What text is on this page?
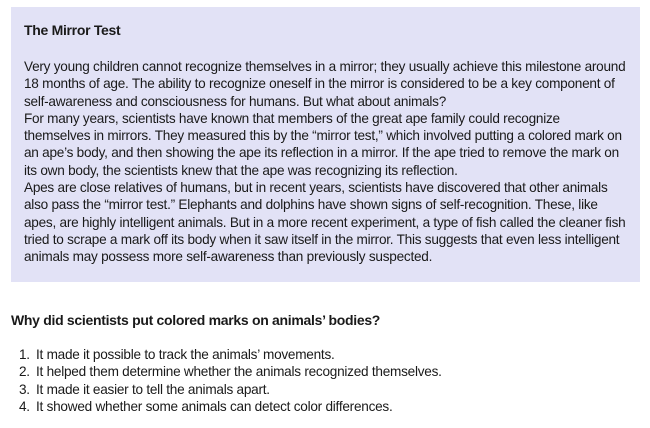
The Mirror Test

Very young children cannot recognize themselves in a mirror; they usually achieve this milestone around 18 months of age. The ability to recognize oneself in the mirror is considered to be a key component of self-awareness and consciousness for humans. But what about animals?

For many years, scientists have known that members of the great ape family could recognize themselves in mirrors. They measured this by the “mirror test,” which involved putting a colored mark on an ape’s body, and then showing the ape its reflection in a mirror. If the ape tried to remove the mark on its own body, the scientists knew that the ape was recognizing its reflection.

Apes are close relatives of humans, but in recent years, scientists have discovered that other animals also pass the “mirror test.” Elephants and dolphins have shown signs of self-recognition. These, like apes, are highly intelligent animals. But in a more recent experiment, a type of fish called the cleaner fish tried to scrape a mark off its body when it saw itself in the mirror. This suggests that even less intelligent animals may possess more self-awareness than previously suspected.

Why did scientists put colored marks on animals’ bodies?

1. It made it possible to track the animals’ movements.
2. It helped them determine whether the animals recognized themselves.
3. It made it easier to tell the animals apart.
4. It showed whether some animals can detect color differences.
